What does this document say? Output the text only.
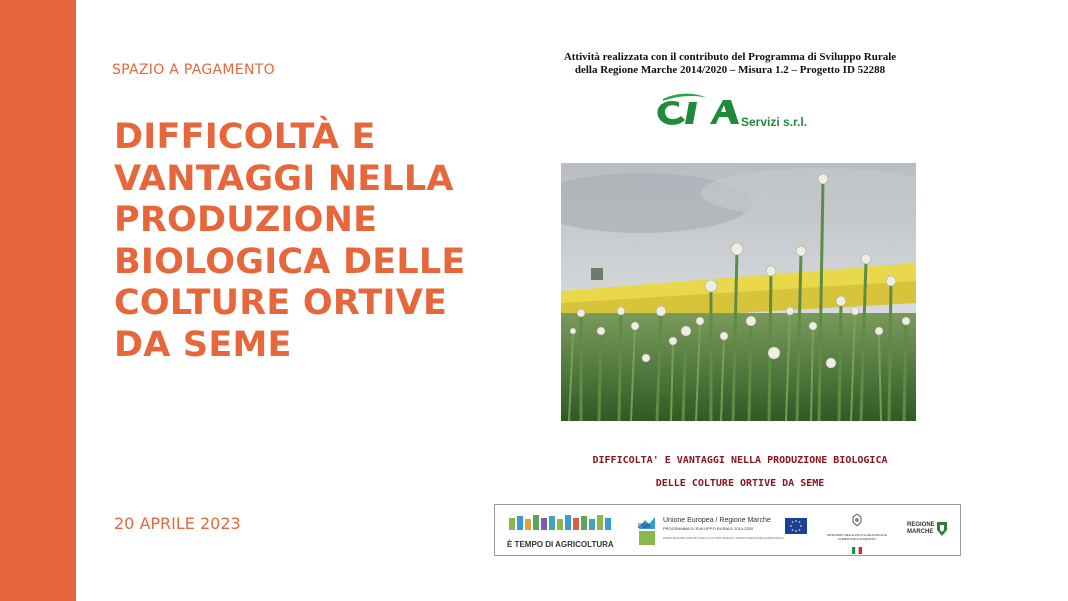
SPAZIO A PAGAMENTO
DIFFICOLTÀ E VANTAGGI NELLA PRODUZIONE BIOLOGICA DELLE COLTURE ORTIVE DA SEME
20 APRILE 2023
Attività realizzata con il contributo del Programma di Sviluppo Rurale
della Regione Marche 2014/2020 – Misura 1.2 – Progetto ID 52288
Servizi s.r.l.
DIFFICOLTA' E VANTAGGI NELLA PRODUZIONE BIOLOGICA
DELLE COLTURE ORTIVE DA SEME
È TEMPO DI AGRICOLTURA
PSR
Unione Europea / Regione Marche
PROGRAMMA DI SVILUPPO RURALE 2014-2020
FONDO EUROPEO AGRICOLO PER LO SVILUPPO RURALE: L'EUROPA INVESTE NELLE ZONE RURALI
MINISTERO DELLE POLITICHE AGRICOLE ALIMENTARI E FORESTALI
REGIONE
MARCHE
